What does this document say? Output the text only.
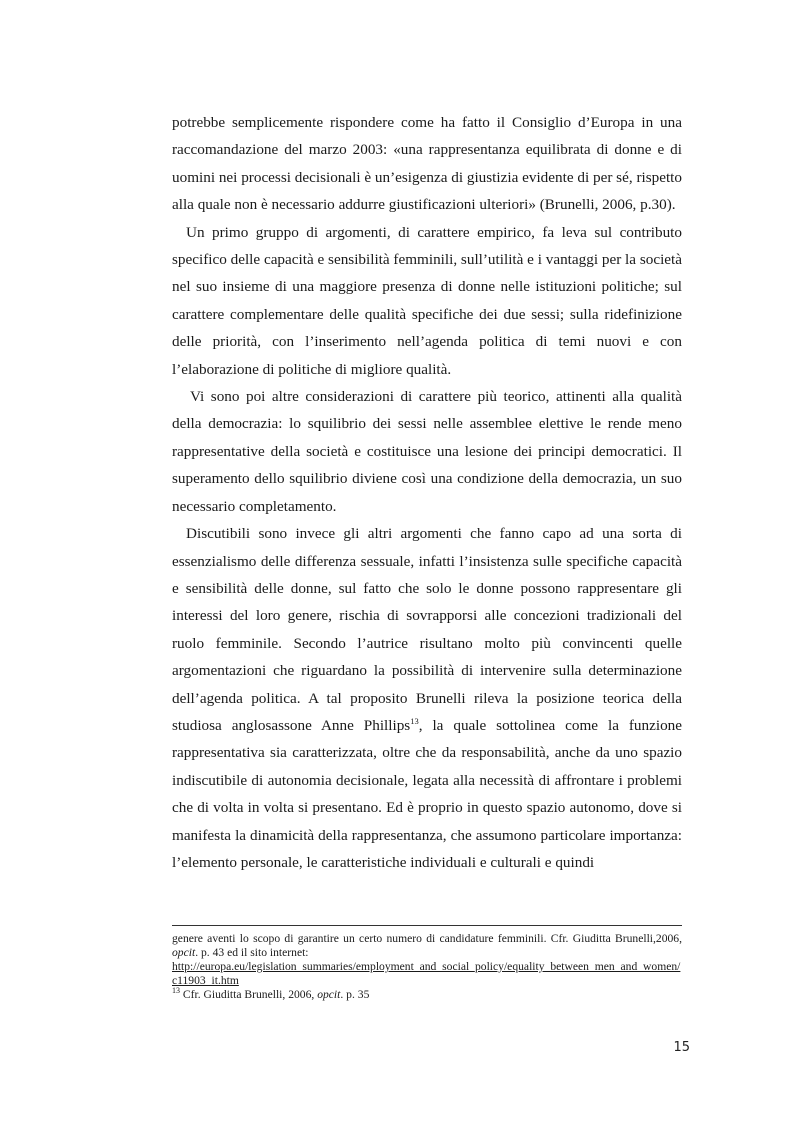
potrebbe semplicemente rispondere come ha fatto il Consiglio d’Europa in una raccomandazione del marzo 2003: «una rappresentanza equilibrata di donne e di uomini nei processi decisionali è un’esigenza di giustizia evidente di per sé, rispetto alla quale non è necessario addurre giustificazioni ulteriori» (Brunelli, 2006, p.30).

Un primo gruppo di argomenti, di carattere empirico, fa leva sul contributo specifico delle capacità e sensibilità femminili, sull’utilità e i vantaggi per la società nel suo insieme di una maggiore presenza di donne nelle istituzioni politiche; sul carattere complementare delle qualità specifiche dei due sessi; sulla ridefinizione delle priorità, con l’inserimento nell’agenda politica di temi nuovi e con l’elaborazione di politiche di migliore qualità.

Vi sono poi altre considerazioni di carattere più teorico, attinenti alla qualità della democrazia: lo squilibrio dei sessi nelle assemblee elettive le rende meno rappresentative della società e costituisce una lesione dei principi democratici. Il superamento dello squilibrio diviene così una condizione della democrazia, un suo necessario completamento.

Discutibili sono invece gli altri argomenti che fanno capo ad una sorta di essenzialismo delle differenza sessuale, infatti l’insistenza sulle specifiche capacità e sensibilità delle donne, sul fatto che solo le donne possono rappresentare gli interessi del loro genere, rischia di sovrapporsi alle concezioni tradizionali del ruolo femminile. Secondo l’autrice risultano molto più convincenti quelle argomentazioni che riguardano la possibilità di intervenire sulla determinazione dell’agenda politica. A tal proposito Brunelli rileva la posizione teorica della studiosa anglosassone Anne Phillips$^{13}$, la quale sottolinea come la funzione rappresentativa sia caratterizzata, oltre che da responsabilità, anche da uno spazio indiscutibile di autonomia decisionale, legata alla necessità di affrontare i problemi che di volta in volta si presentano. Ed è proprio in questo spazio autonomo, dove si manifesta la dinamicità della rappresentanza, che assumono particolare importanza: l’elemento personale, le caratteristiche individuali e culturali e quindi

genere aventi lo scopo di garantire un certo numero di candidature femminili. Cfr. Giuditta Brunelli,2006, opcit. p. 43 ed il sito internet:

http://europa.eu/legislation_summaries/employment_and_social_policy/equality_between_men_and_women/c11903_it.htm

$^{13}$ Cfr. Giuditta Brunelli, 2006, opcit. p. 35

15
